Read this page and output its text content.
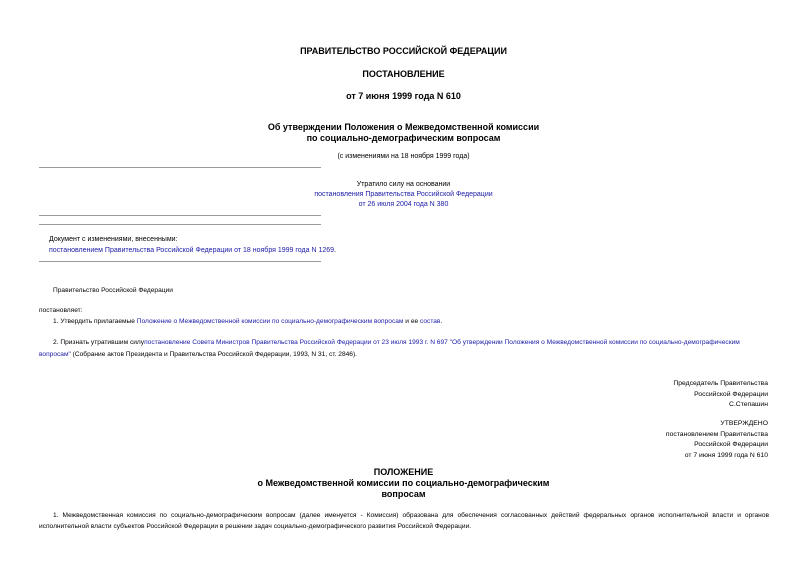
ПРАВИТЕЛЬСТВО РОССИЙСКОЙ ФЕДЕРАЦИИ
ПОСТАНОВЛЕНИЕ
от 7 июня 1999 года N 610
Об утверждении Положения о Межведомственной комиссии
по социально-демографическим вопросам
(с изменениями на 18 ноября 1999 года)
Утратило силу на основании
постановления Правительства Российской Федерации
от 26 июля 2004 года N 380
Документ с изменениями, внесенными:
постановлением Правительства Российской Федерации от 18 ноября 1999 года N 1269.
Правительство Российской Федерации
постановляет:
1. Утвердить прилагаемые Положение о Межведомственной комиссии по социально-демографическим вопросам и ее состав.
2. Признать утратившим силупостановление Совета Министров Правительства Российской Федерации от 23 июля 1993 г. N 697 "Об утверждении Положения о Межведомственной комиссии по социально-демографическим вопросам" (Собрание актов Президента и Правительства Российской Федерации, 1993, N 31, ст. 2846).
Председатель Правительства
Российской Федерации
С.Степашин
УТВЕРЖДЕНО
постановлением Правительства
Российской Федерации
от 7 июня 1999 года N 610
ПОЛОЖЕНИЕ
о Межведомственной комиссии по социально-демографическим
вопросам
1. Межведомственная комиссия по социально-демографическим вопросам (далее именуется - Комиссия) образована для обеспечения согласованных действий федеральных органов исполнительной власти и органов исполнительной власти субъектов Российской Федерации в решении задач социально-демографического развития Российской Федерации.
